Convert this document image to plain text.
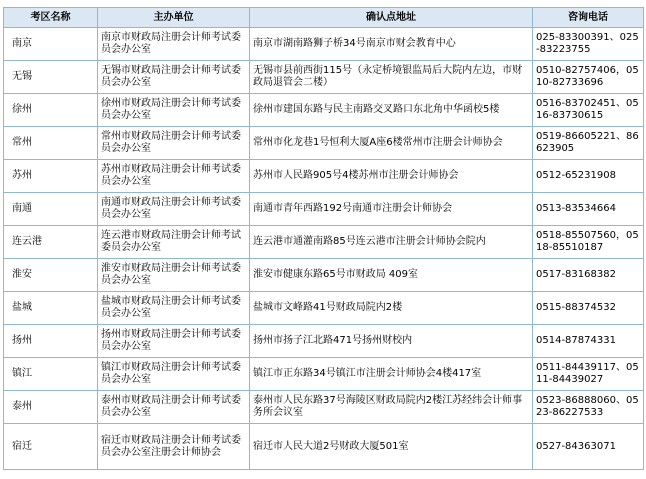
考区名称	主办单位	确认点地址	咨询电话
南京	南京市财政局注册会计师考试委员会办公室	南京市湖南路狮子桥34号南京市财会教育中心	025-83300391、025-83223755
无锡	无锡市财政局注册会计师考试委员会办公室	无锡市县前西街115号（永定桥境银监局后大院内左边，市财政局退管会二楼）	0510-82757406，0510-82733696
徐州	徐州市财政局注册会计师考试委员会办公室	徐州市建国东路与民主南路交叉路口东北角中华函校5楼	0516-83702451、0516-83730615
常州	常州市财政局注册会计师考试委员会办公室	常州市化龙巷1号恒利大厦A座6楼常州市注册会计师协会	0519-86605221、86623905
苏州	苏州市财政局注册会计师考试委员会办公室	苏州市人民路905号4楼苏州市注册会计师协会	0512-65231908
南通	南通市财政局注册会计师考试委员会办公室	南通市青年西路192号南通市注册会计师协会	0513-83534664
连云港	连云港市财政局注册会计师考试委员会办公室	连云港市通灌南路85号连云港市注册会计师协会院内	0518-85507560，0518-85510187
淮安	淮安市财政局注册会计师考试委员会办公室	淮安市健康东路65号市财政局 409室	0517-83168382
盐城	盐城市财政局注册会计师考试委员会办公室	盐城市文峰路41号财政局院内2楼	0515-88374532
扬州	扬州市财政局注册会计师考试委员会办公室	扬州市扬子江北路471号扬州财校内	0514-87874331
镇江	镇江市财政局注册会计师考试委员会办公室	镇江市正东路34号镇江市注册会计师协会4楼417室	0511-84439117、0511-84439027
泰州	泰州市财政局注册会计师考试委员会办公室	泰州市人民东路37号海陵区财政局院内2楼江苏经纬会计师事务所会议室	0523-86888060、0523-86227533
宿迁	宿迁市财政局注册会计师考试委员会办公室注册会计师协会	宿迁市人民大道2号财政大厦501室	0527-84363071
